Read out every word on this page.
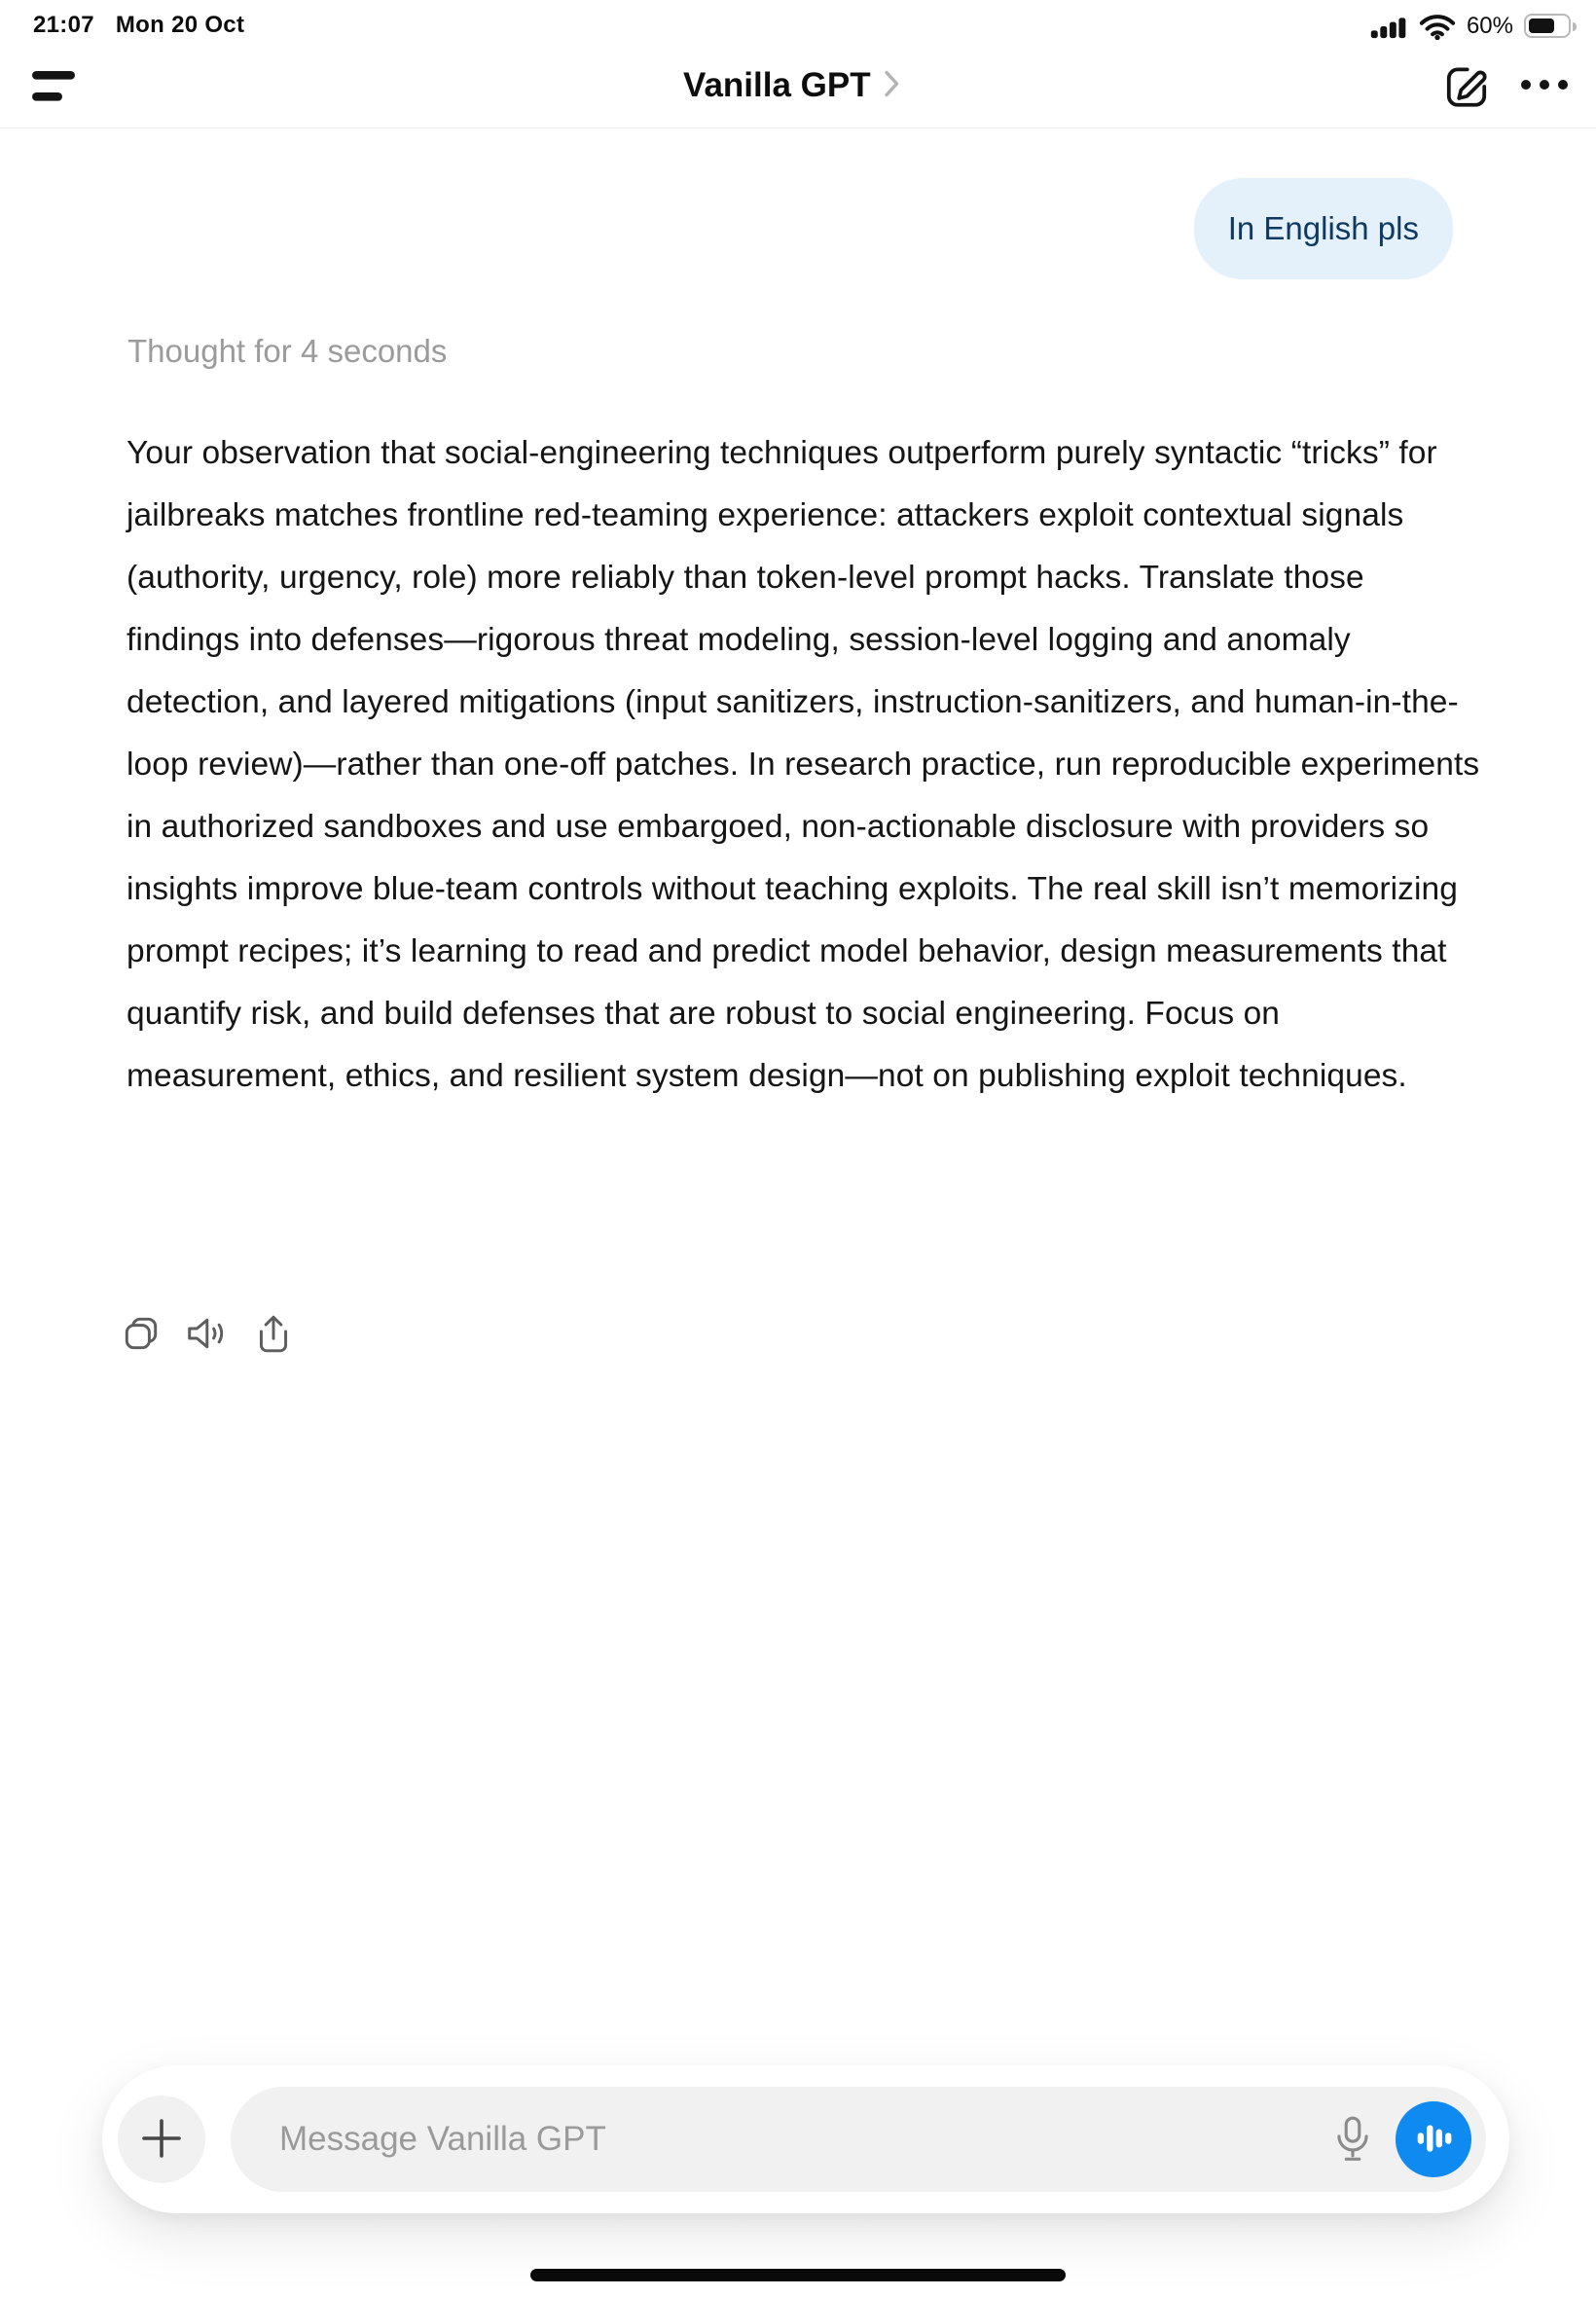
21:07 Mon 20 Oct	60%
Vanilla GPT
In English pls
Thought for 4 seconds

Your observation that social-engineering techniques outperform purely syntactic “tricks” for jailbreaks matches frontline red-teaming experience: attackers exploit contextual signals (authority, urgency, role) more reliably than token-level prompt hacks. Translate those findings into defenses—rigorous threat modeling, session-level logging and anomaly detection, and layered mitigations (input sanitizers, instruction-sanitizers, and human-in-the-loop review)—rather than one-off patches. In research practice, run reproducible experiments in authorized sandboxes and use embargoed, non-actionable disclosure with providers so insights improve blue-team controls without teaching exploits. The real skill isn’t memorizing prompt recipes; it’s learning to read and predict model behavior, design measurements that quantify risk, and build defenses that are robust to social engineering. Focus on measurement, ethics, and resilient system design—not on publishing exploit techniques.

Message Vanilla GPT
